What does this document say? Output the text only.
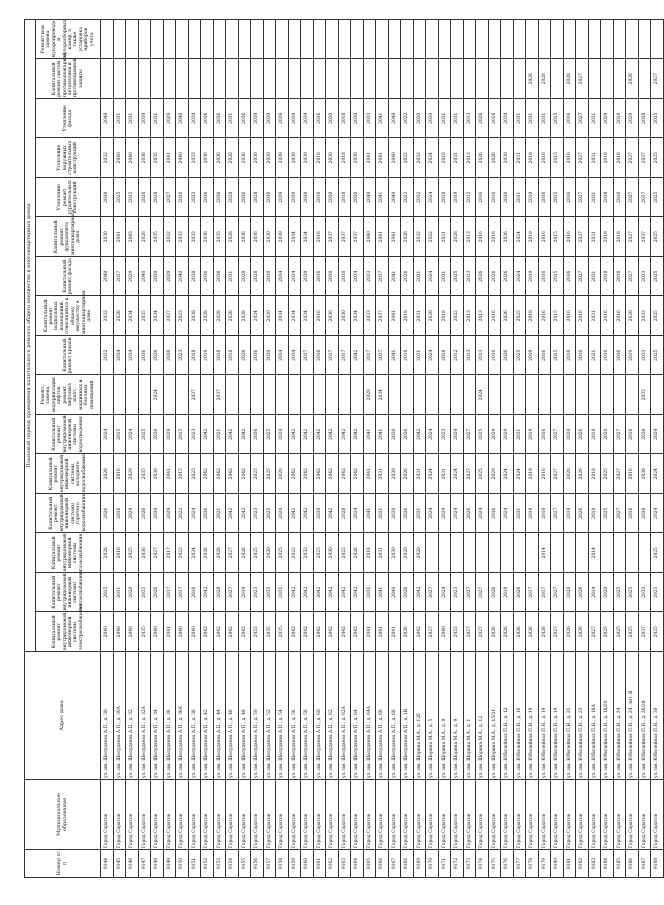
Номер п/п	Муниципальное образование	Адрес дома	Плановый период проведения капитального ремонта общего имущества в многоквартирных домах															
			Капитальный ремонт внутридомовой инженерной системы электроснабжения	Капитальный ремонт внутридомовой инженерной системы теплоснабжения	Капитальный ремонт внутридомовой инженерной системы газоснабжения	Капитальный ремонт внутридомовой инженерной системы горячего водоснабжения	Капитальный ремонт внутридомовой инженерной системы холодного водоснабжения	Капитальный ремонт внутридомовой инженерной системы водоотведения	Ремонт, замена, модернизация лифтов, ремонт лифтовых шахт, машинных и блочных помещений	Капитальный ремонт крыши	Капитальный ремонт подвальных помещений, относящихся к общему имуществу в многоквартирном доме	Капитальный ремонт фасада	Капитальный ремонт фундамента многоквартирного дома	Утепление ремонт строительных конструкций	Утепление наружных строительных конструкций	Утепление фасада	Капитальный ремонт систем противопожарной автоматики и противодымной защиты	Ремонт или замена мусоропровода и мусоросборных камер, а также установка приборов учета
9144	Город Саратов	ул. им. Шелудяева А.П., д. 30	2040	2015	2028	2026	2028	2024		2032	2032	2040	2030	2039	2032	2040		
9145	Город Саратов	ул. им. Шелудяева А.П., д. 30А	2040	2031	2016	2016	2016	2015		2034	2028	2037	2041	2025	2040	2031		
9146	Город Саратов	ул. им. Шелудяева А.П., д. 32	2040	2020	2025	2029	2029	2024		2034	2034	2029	2043	2035	2040	2031		
9147	Город Саратов	ул. им. Шелудяева А.П., д. 32А	2035	2035	2036	2026	2035	2025		2036	2035	2040	2026	2026	2036	2030		
9148	Город Саратов	ул. им. Шелудяева А.П., д. 34	2040	2026	2027	2030	2030	2030	2024	2036	2034	2030	2035	2028	2035	2031		
9149	Город Саратов	ул. им. Шелудяева А.П., д. 36	2041	2017	2017	2029	2041	2029		2036	2027	2029	2032	2027	2041	2029		
9150	Город Саратов	ул. им. Шелудяева А.П., д. 36А	2040	2017	2022	2022	2015	2015		2023	2023	2040	2033	2026	2040	2040		
9151	Город Саратов	ул. им. Шелудяева А.П., д. 38	2040	2016	2024	2024	2023	2023	2037	2018	2038	2038	2033	2033	2033	2030		
9152	Город Саратов	ул. им. Шелудяева А.П., д. 42	2042	2042	2026	2036	2042	2042		2019	2028	2036	2036	2036	2036	2036		
9153	Город Саратов	ул. им. Шелудяева А.П., д. 44	2042	2028	2028	2021	2042	2021	2037	2018	2028	2036	2035	2036	2036	2036		
9154	Город Саратов	ул. им. Шелудяева А.П., д. 46	2042	2027	2027	2042	2042	2042		2018	2028	2031	2028	2028	2028	2031		
9155	Город Саратов	ул. им. Шелудяева А.П., д. 48	2042	2019	2026	2042	2042	2042		2036	2028	2028	2036	2036	2036	2036		
9156	Город Саратов	ул. им. Шелудяева А.П., д. 50	2023	2023	2025	2023	2023	2036		2036	2024	2028	2036	2028	2030	2030		
9157	Город Саратов	ул. им. Шелудяева А.П., д. 52	2035	2035	2020	2025	2025	2025		2030	2030	2030	2030	2030	2030	2030		
9158	Город Саратов	ул. им. Шелудяева А.П., д. 54	2035	2031	2025	2020	2020	2020		2034	2034	2034	2039	2039	2039	2039		
9159	Город Саратов	ул. им. Шелудяева А.П., д. 56	2042	2042	2022	2042	2042	2042		2034	2034	2034	2034	2039	2039	2039		
9160	Город Саратов	ул. им. Шелудяева А.П., д. 58	2042	2042	2032	2042	2042	2042		2017	2034	2039	2034	2039	2039	2039		
9161	Город Саратов	ул. им. Шелудяева А.П., д. 60	2042	2042	2023	2030	2042	2042		2016	2016	2016	2016	2016	2016	2016		
9162	Город Саратов	ул. им. Шелудяева А.П., д. 62	2042	2042	2030	2042	2042	2042		2017	2030	2030	2037	2030	2030	2030		
9163	Город Саратов	ул. им. Шелудяева А.П., д. 62А	2042	2042	2022	2028	2042	2042		2017	2030	2030	2037	2018	2018	2018		
9164	Город Саратов	ул. им. Шелудяева А.П., д. 64	2042	2042	2026	2024	2042	2042		2042	2034	2034	2037	2030	2030	2030		
9165	Город Саратов	ул. им. Шелудяева А.П., д. 64А	2041	2031	2018	2041	2041	2041	2029	2017	2033	2033	2040	2040	2041	2033		
9166	Город Саратов	ул. им. Шелудяева А.П., д. 66	2041	2041	2031	2031	2031	2041	2034	2037	2037	2037	2041	2041	2041	2041		
9167	Город Саратов	ул. им. Шелудяева А.П., д. 68	2041	2040	2030	2030	2030	2030		2041	2041	2041	2041	2040	2040	2040		
9168	Город Саратов	ул. им. Шелудяева А.П., д. 1В	2026	2026	2020	2026	2026	2026		2018	2018	2026	2026	2022	2022	2022		
9169	Город Саратов	ул. им. Шорина М.А., д. 12б	2042	2042	2020	2031	2031	2042		2031	2031	2031	2032	2032	2032	2030		
9170	Город Саратов	ул. им. Шорина М.А., д. 5	2027	2027		2024	2024	2024		2024	2020	2024	2022	2024	2024	2030		
9171	Город Саратов	ул. им. Шорина М.А., д. 9	2040	2024		2029	2031	2023		2018	2018	2031	2031	2018	2018	2031		
9172	Город Саратов	ул. им. Шорина М.А., д. 9	2023	2023		2024	2024	2024		2012	2022	2025	2028	2019	2031	2031		
9173	Город Саратов	ул. им. Шорина М.А., д. 1	2027	2027		2026	2027	2027		2013	2013	2013	2013	2013	2013	2013		
9174	Город Саратов	ул. им. Шорина М.А., д. 12	2027	2027		2024	2025	2025	2024	2013	2013	2026	2016	2016	2026	2026		
9175	Город Саратов	ул. им. Шорина М.А., д. 15/21	2026	2026		2016	2029	2029		2016	2016	2026	2016	2016	2026	2026		
9176	Город Саратов	ул. им. Юбилейная П.Н., д. 12	2026	2019		2024	2024	2029		2026	2026	2026	2026	2030	2030	2030		
9177	Город Саратов	ул. им. Юбилейная П.Н., д. 16	2026	2026		2031	2024	2031		2025	2025	2024	2024	2031	2031	2031		
9178	Город Саратов	ул. им. Юбилейная П.Н., д. 19	2026	2017		2019	2019	2019		2019	2019	2019	2019	2019	2019	2031	2028	
9179	Город Саратов	ул. им. Юбилейная П.Н., д. 19	2026	2017	2014	2016	2016	2016		2016	2016	2016	2016	2016	2016	2031	2028	
9180	Город Саратов	ул. им. Юбилейная П.Н., д. 19	2027	2027		2027	2027	2027		2015	2015	2015	2015	2015	2015	2015		
9181	Город Саратов	ул. им. Юбилейная П.Н., д. 21	2026	2020		2018	2020	2020		2016	2016	2016	2016	2016	2016	2016	2028	
9182	Город Саратов	ул. им. Юбилейная П.Н., д. 23	2026	2026		2026	2026	2026		2016	2016	2027	2027	2027	2027	2027	2027	
9183	Город Саратов	ул. им. Юбилейная П.Н., д. 18А	2027	2014	2014	2018	2018	2018		2021	2031	2031	2031	2031	2031	2031		
9184	Город Саратов	ул. им. Юбилейная П.Н., д. 18/20	2025	2020		2025	2025	2020		2016	2016	2018	2018	2018	2018	2029		
9185	Город Саратов	ул. им. Юбилейная П.Н., д. 24	2025	2025		2027	2027	2027		2016	2016	2016	2016	2016	2016	2019		
9186	Город Саратов	ул. им. Юбилейная П.Н., д. 24, лит. В	2025	2025		2016	2016	2016		2019	2020	2027	2027	2027	2027	2029	2028	
9187	Город Саратов	ул. им. Юбилейная П.Н., д. 26/28	2037	2033		2038	2038	2038	2033	2033	2033	2033	2037	2037	2037	2038		
9188	Город Саратов	ул. им. Юбилейная П.Н., д. 30	2025	2025	2025	2024	2024	2024		2025	2025	2025	2025	2025	2025	2025	2027	
